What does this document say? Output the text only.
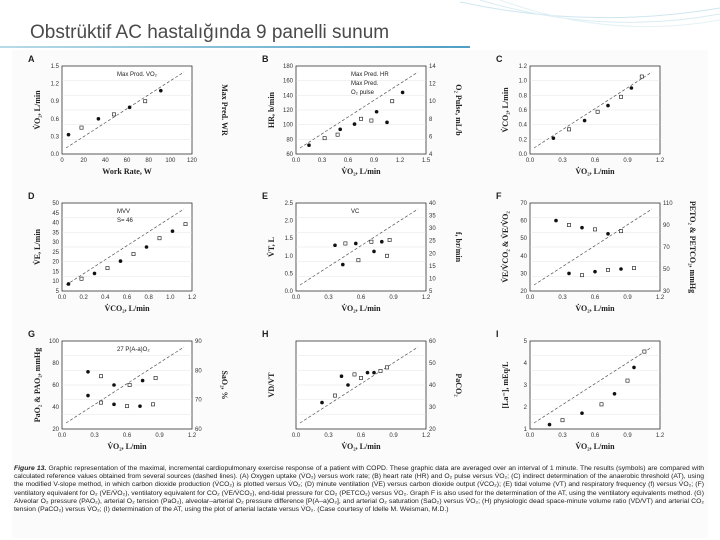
Obstrüktif AC hastalığında 9 panelli sunum
A
0	20 40 60 80 100 120
1.5
1.2
0.9
0.6
0.3
0.0
Work Rate, W
V̇O₂, L/min	Max Pred. WR
Max Prod. VO₂
B
0.0	0.3	0.6	0.9	1.2	1.5
180
160
140
120
100
80
60
14
12
10
8
6
4
V̇O₂, L/min
HR, b/min	O₂ Pulse, mL/b
Max Pred. HR
Max Pred.
O₂ pulse
C
0.0	0.3	0.6	0.9	1.2
1.2
1.0
0.8
0.6
0.4
0.2
0.0
V̇O₂, L/min
V̇CO₂, L/min
D
0.0 0.2 0.4 0.6 0.8 1.0 1.2
50
45
40
35
30
25
20
15
10
5
V̇CO₂, L/min
V̇E, L/min
MVV
S= 46
E
0.0	0.3	0.6	0.9	1.2
2.5
2.0
1.5
1.0
0.5
0.0
40
35
30
25
20
15
10
5
V̇O₂, L/min
V̇T, L	f, br/min
VC
F
0.0	0.3	0.6	0.9	1.2
70
60
50
40
30
20
110
90
70
50
30
V̇O₂, L/min
V̇E/V̇CO₂ & V̇E/V̇O₂	PETO₂ & PETCO₂, mmHg
G
0.0	0.3	0.6	0.9	1.2
100
80
60
40
20
90
80
70
60
V̇O₂, L/min
PaO₂ & PAO₂, mmHg	SaO₂, %
27 P(A-a)O₂
H
0.0	0.3	0.6	0.9	1.2
60
50
40
30
20
V̇O₂, L/min
VD/VT	PaCO₂
I
0.0	0.3	0.6	0.9	1.2
5
4
3
2
1
V̇O₂, L/min
[La⁻], mEq/L
Figure 13. Graphic representation of the maximal, incremental cardiopulmonary exercise response of a patient with COPD. These graphic data are averaged over an interval of 1 minute. The results (symbols) are compared with calculated reference values obtained from several sources (dashed lines). (A) Oxygen uptake (V̇O₂) versus work rate; (B) heart rate (HR) and O₂ pulse versus V̇O₂; (C) indirect determination of the anaerobic threshold (AT), using the modified V-slope method, in which carbon dioxide production (V̇CO₂) is plotted versus V̇O₂; (D) minute ventilation (V̇E) versus carbon dioxide output (V̇CO₂); (E) tidal volume (VT) and respiratory frequency (f) versus V̇O₂; (F) ventilatory equivalent for O₂ (V̇E/V̇O₂), ventilatory equivalent for CO₂ (V̇E/V̇CO₂), end-tidal pressure for CO₂ (PETCO₂) versus V̇O₂. Graph F is also used for the determination of the AT, using the ventilatory equivalents method. (G) Alveolar O₂ pressure (PAO₂), arterial O₂ tension (PaO₂), alveolar–arterial O₂ pressure difference [P(A–a)O₂], and arterial O₂ saturation (SaO₂) versus V̇O₂; (H) physiologic dead space-minute volume ratio (VD/VT) and arterial CO₂ tension (PaCO₂) versus V̇O₂; (I) determination of the AT, using the plot of arterial lactate versus V̇O₂. (Case courtesy of Idelle M. Weisman, M.D.)
